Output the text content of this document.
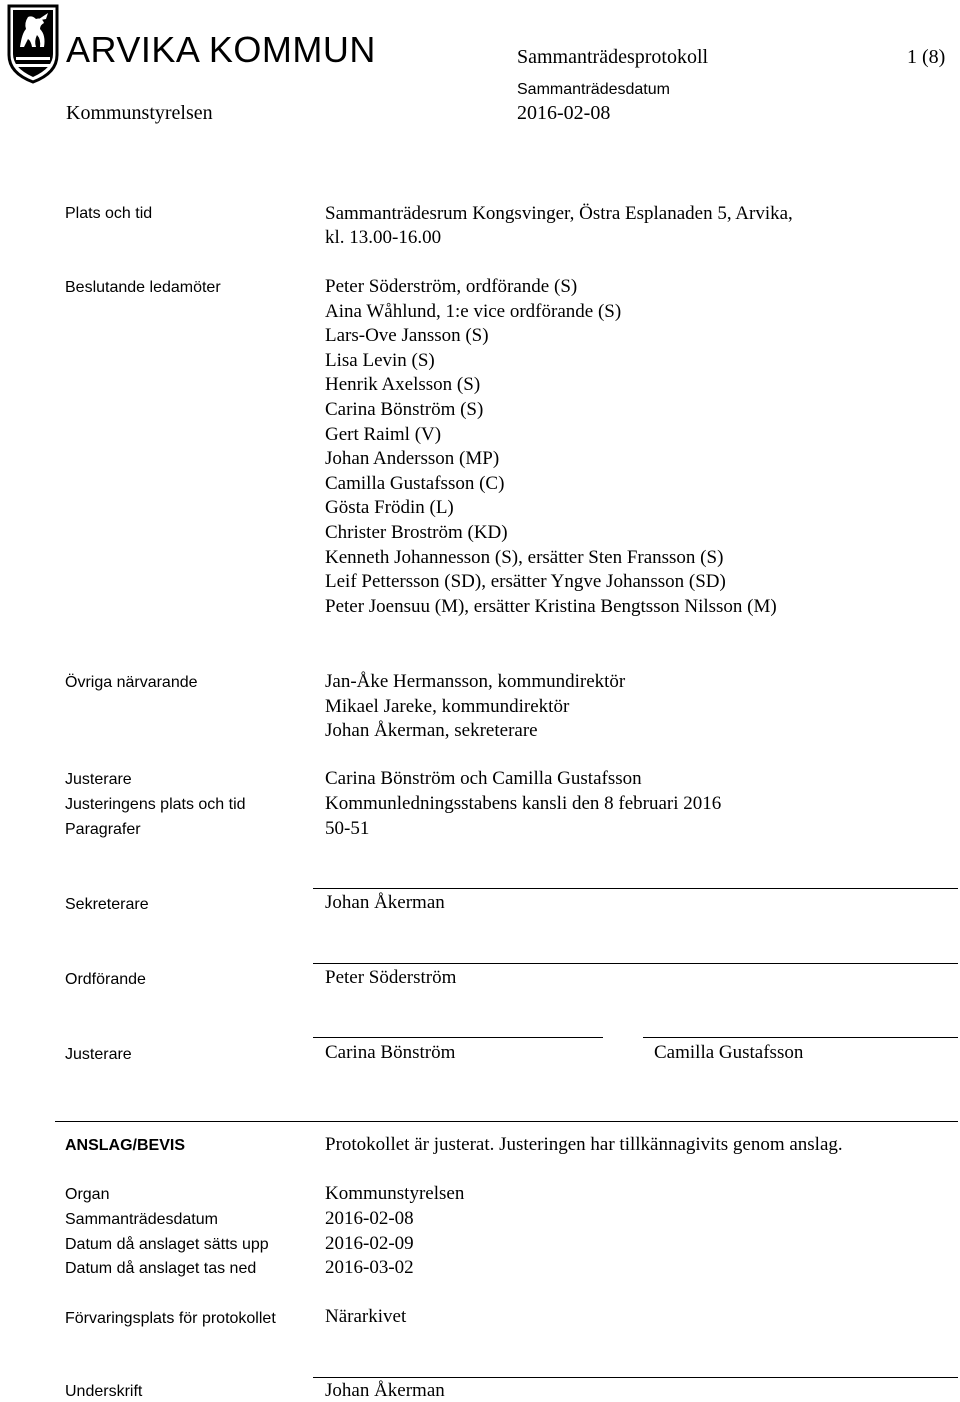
ARVIKA KOMMUN	Sammanträdesprotokoll	1 (8)
Kommunstyrelsen
Sammanträdesdatum
2016-02-08
Plats och tid	Sammanträdesrum Kongsvinger, Östra Esplanaden 5, Arvika,
kl. 13.00-16.00
Beslutande ledamöter	Peter Söderström, ordförande (S)
Aina Wåhlund, 1:e vice ordförande (S)
Lars-Ove Jansson (S)
Lisa Levin (S)
Henrik Axelsson (S)
Carina Bönström (S)
Gert Raiml (V)
Johan Andersson (MP)
Camilla Gustafsson (C)
Gösta Frödin (L)
Christer Broström (KD)
Kenneth Johannesson (S), ersätter Sten Fransson (S)
Leif Pettersson (SD), ersätter Yngve Johansson (SD)
Peter Joensuu (M), ersätter Kristina Bengtsson Nilsson (M)
Övriga närvarande	Jan-Åke Hermansson, kommundirektör
Mikael Jareke, kommundirektör
Johan Åkerman, sekreterare
Justerare	Carina Bönström och Camilla Gustafsson
Justeringens plats och tid	Kommunledningsstabens kansli den 8 februari 2016
Paragrafer	50-51
Sekreterare	Johan Åkerman
Ordförande	Peter Söderström
Justerare	Carina Bönström	Camilla Gustafsson
ANSLAG/BEVIS	Protokollet är justerat. Justeringen har tillkännagivits genom anslag.
Organ	Kommunstyrelsen
Sammanträdesdatum	2016-02-08
Datum då anslaget sätts upp	2016-02-09
Datum då anslaget tas ned	2016-03-02
Förvaringsplats för protokollet	Närarkivet
Underskrift	Johan Åkerman
